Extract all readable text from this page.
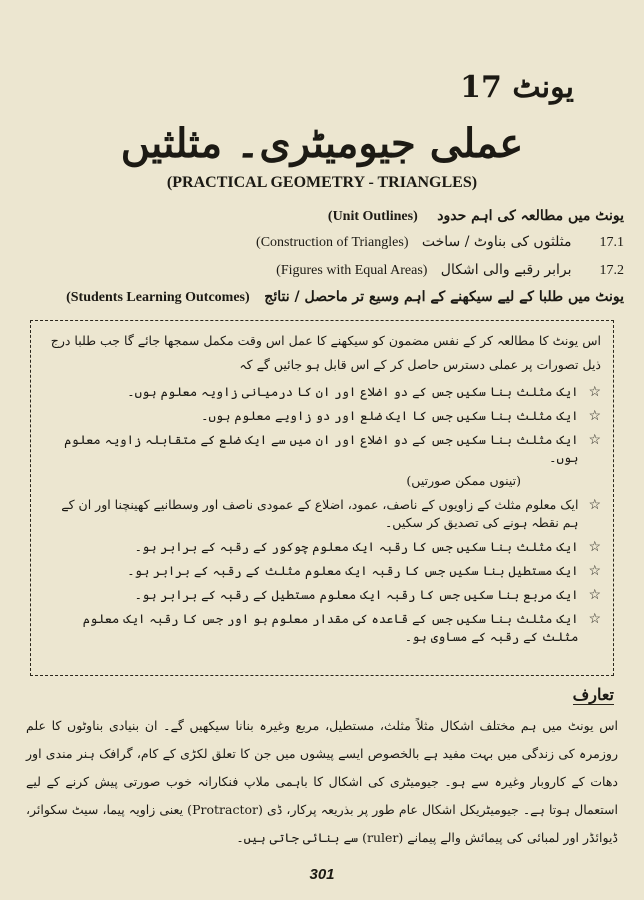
یونٹ 17
عملی جیومیٹری۔ مثلثیں
(PRACTICAL GEOMETRY - TRIANGLES)
یونٹ میں مطالعہ کی اہم حدود    (Unit Outlines)
17.1 مثلثوں کی بناوٹ / ساخت   (Construction of Triangles)
17.2 برابر رقبے والی اشکال   (Figures with Equal Areas)
یونٹ میں طلبا کے لیے سیکھنے کے اہم وسیع تر ماحصل / نتائج   (Students Learning Outcomes)
اس یونٹ کا مطالعہ کر کے نفس مضمون کو سیکھنے کا عمل اس وقت مکمل سمجھا جائے گا جب طلبا درج ذیل تصورات پر عملی دسترس حاصل کر کے اس قابل ہو جائیں گے کہ
☆
ایک مثلث بنا سکیں جس کے دو اضلاع اور ان کا درمیانی زاویہ معلوم ہوں۔
☆
ایک مثلث بنا سکیں جس کا ایک ضلع اور دو زاویے معلوم ہوں۔
☆
ایک مثلث بنا سکیں جس کے دو اضلاع اور ان میں سے ایک ضلع کے متقابلہ زاویہ معلوم ہوں۔
(تینوں ممکن صورتیں)
☆
ایک معلوم مثلث کے زاویوں کے ناصف، عمود، اضلاع کے عمودی ناصف اور وسطانیے کھینچنا اور ان کے ہم نقطہ ہونے کی تصدیق کر سکیں۔
☆
ایک مثلث بنا سکیں جس کا رقبہ ایک معلوم چوکور کے رقبہ کے برابر ہو۔
☆
ایک مستطیل بنا سکیں جس کا رقبہ ایک معلوم مثلث کے رقبہ کے برابر ہو۔
☆
ایک مربع بنا سکیں جس کا رقبہ ایک معلوم مستطیل کے رقبہ کے برابر ہو۔
☆
ایک مثلث بنا سکیں جس کے قاعدہ کی مقدار معلوم ہو اور جس کا رقبہ ایک معلوم مثلث کے رقبہ کے مساوی ہو۔
تعارف
اس یونٹ میں ہم مختلف اشکال مثلاً مثلث، مستطیل، مربع وغیرہ بنانا سیکھیں گے۔ ان بنیادی بناوٹوں کا علم روزمرہ کی زندگی میں بہت مفید ہے بالخصوص ایسے پیشوں میں جن کا تعلق لکڑی کے کام، گرافک ہنر مندی اور دھات کے کاروبار وغیرہ سے ہو۔ جیومیٹری کی اشکال کا باہمی ملاپ فنکارانہ خوب صورتی پیش کرنے کے لیے استعمال ہوتا ہے۔ جیومیٹریکل اشکال عام طور پر بذریعہ پرکار، ڈی (Protractor) یعنی زاویہ پیما، سیٹ سکوائر، ڈیوائڈر اور لمبائی کی پیمائش والے پیمانے (ruler) سے بنائی جاتی ہیں۔
301
